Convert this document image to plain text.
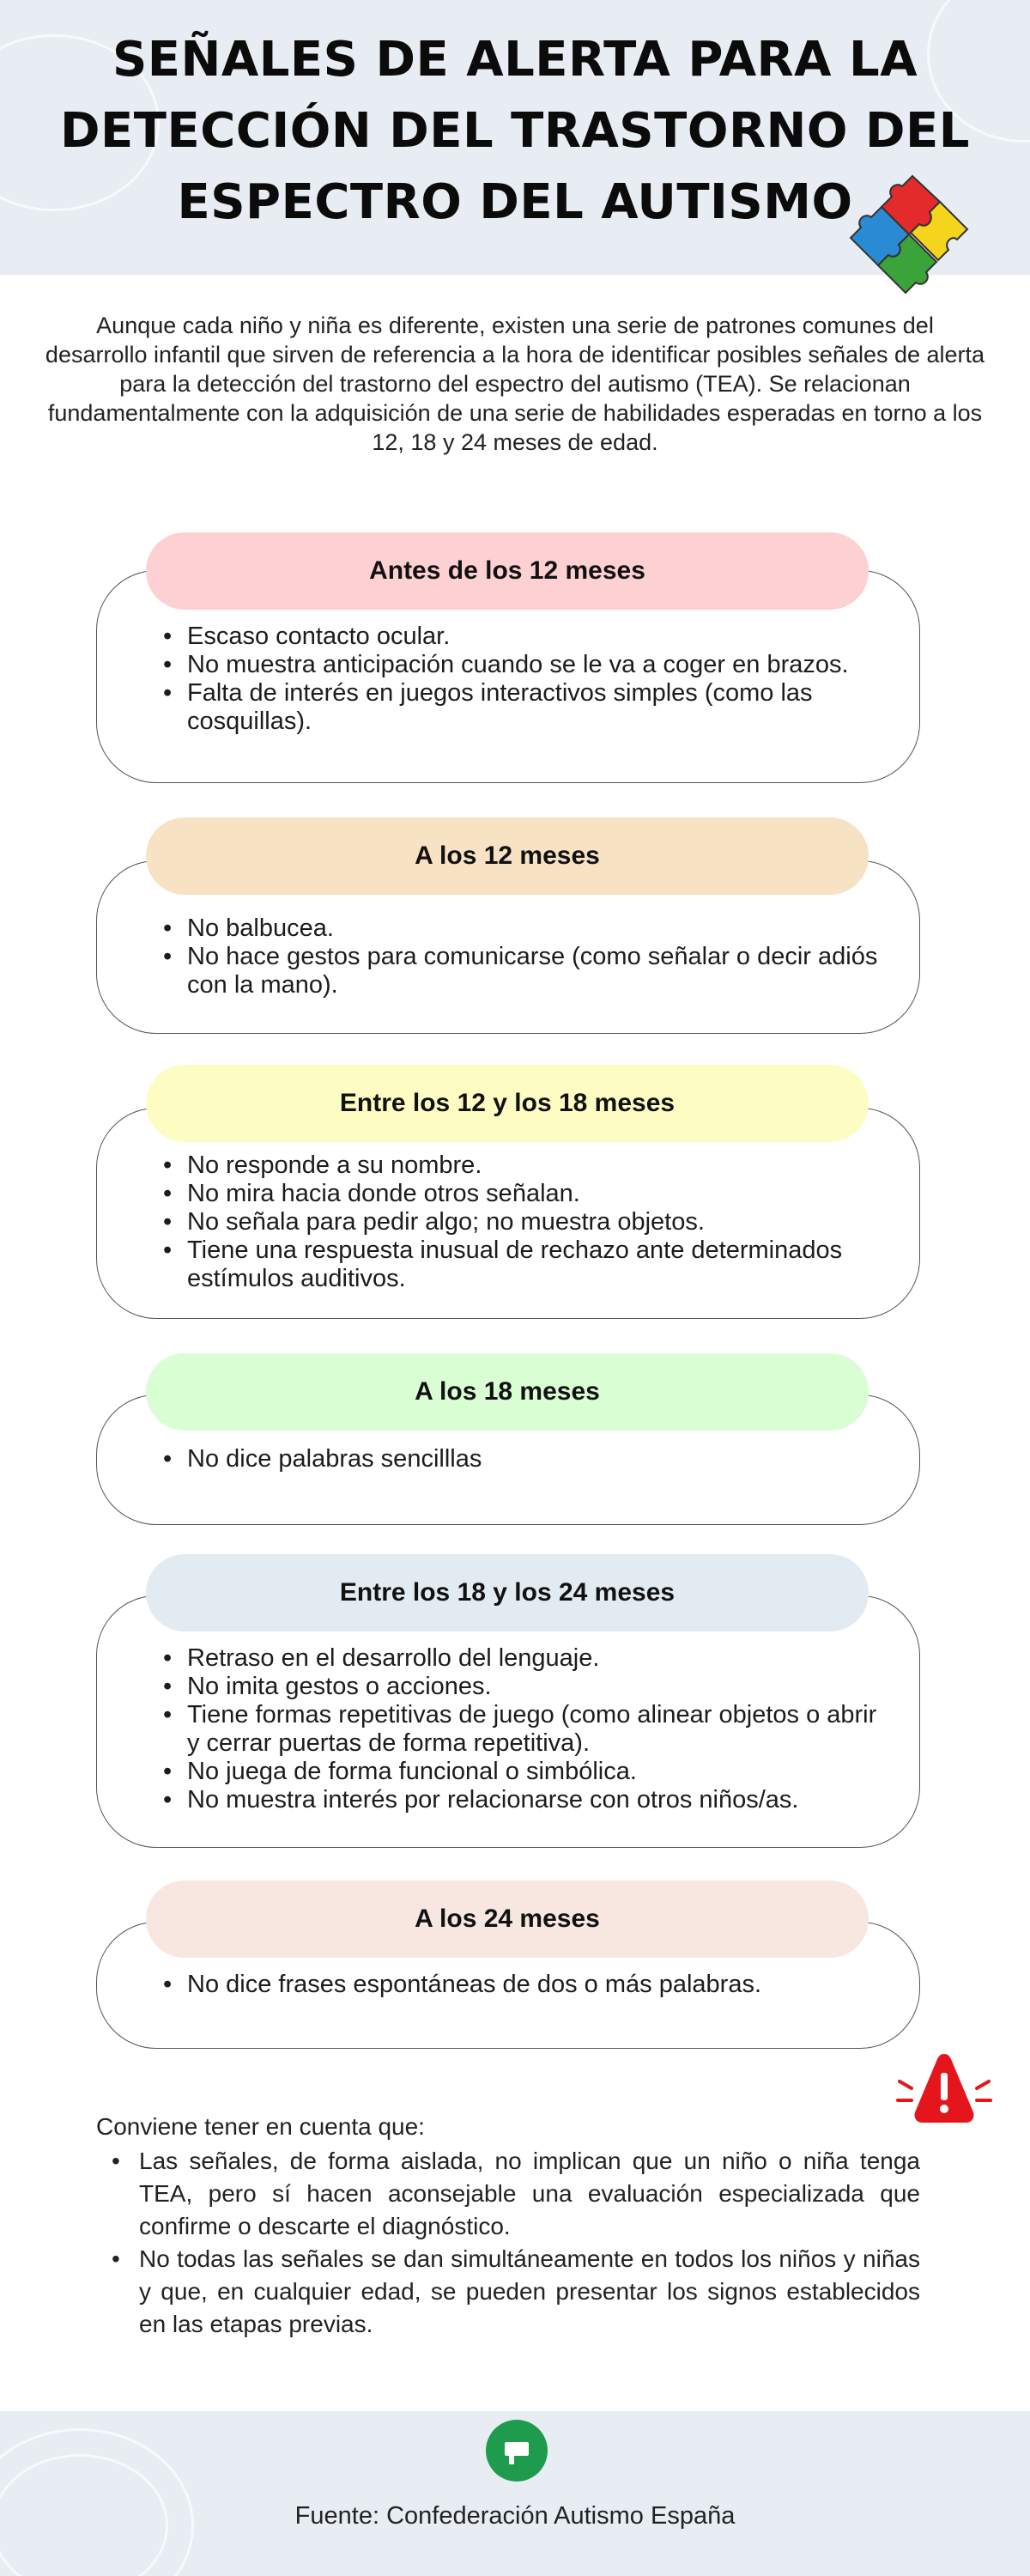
SEÑALES DE ALERTA PARA LA
DETECCIÓN DEL TRASTORNO DEL
ESPECTRO DEL AUTISMO

Aunque cada niño y niña es diferente, existen una serie de patrones comunes del desarrollo infantil que sirven de referencia a la hora de identificar posibles señales de alerta para la detección del trastorno del espectro del autismo (TEA). Se relacionan fundamentalmente con la adquisición de una serie de habilidades esperadas en torno a los 12, 18 y 24 meses de edad.

• Escaso contacto ocular.
• No muestra anticipación cuando se le va a coger en brazos.
• Falta de interés en juegos interactivos simples (como las cosquillas).
Antes de los 12 meses
• No balbucea.
• No hace gestos para comunicarse (como señalar o decir adiós con la mano).
A los 12 meses
• No responde a su nombre.
• No mira hacia donde otros señalan.
• No señala para pedir algo; no muestra objetos.
• Tiene una respuesta inusual de rechazo ante determinados estímulos auditivos.
Entre los 12 y los 18 meses
• No dice palabras sencilllas
A los 18 meses
• Retraso en el desarrollo del lenguaje.
• No imita gestos o acciones.
• Tiene formas repetitivas de juego (como alinear objetos o abrir y cerrar puertas de forma repetitiva).
• No juega de forma funcional o simbólica.
• No muestra interés por relacionarse con otros niños/as.
Entre los 18 y los 24 meses
• No dice frases espontáneas de dos o más palabras.
A los 24 meses

Conviene tener en cuenta que:

• Las señales, de forma aislada, no implican que un niño o niña tenga TEA, pero sí hacen aconsejable una evaluación especializada que confirme o descarte el diagnóstico.
• No todas las señales se dan simultáneamente en todos los niños y niñas y que, en cualquier edad, se pueden presentar los signos establecidos en las etapas previas.
Fuente: Confederación Autismo España
